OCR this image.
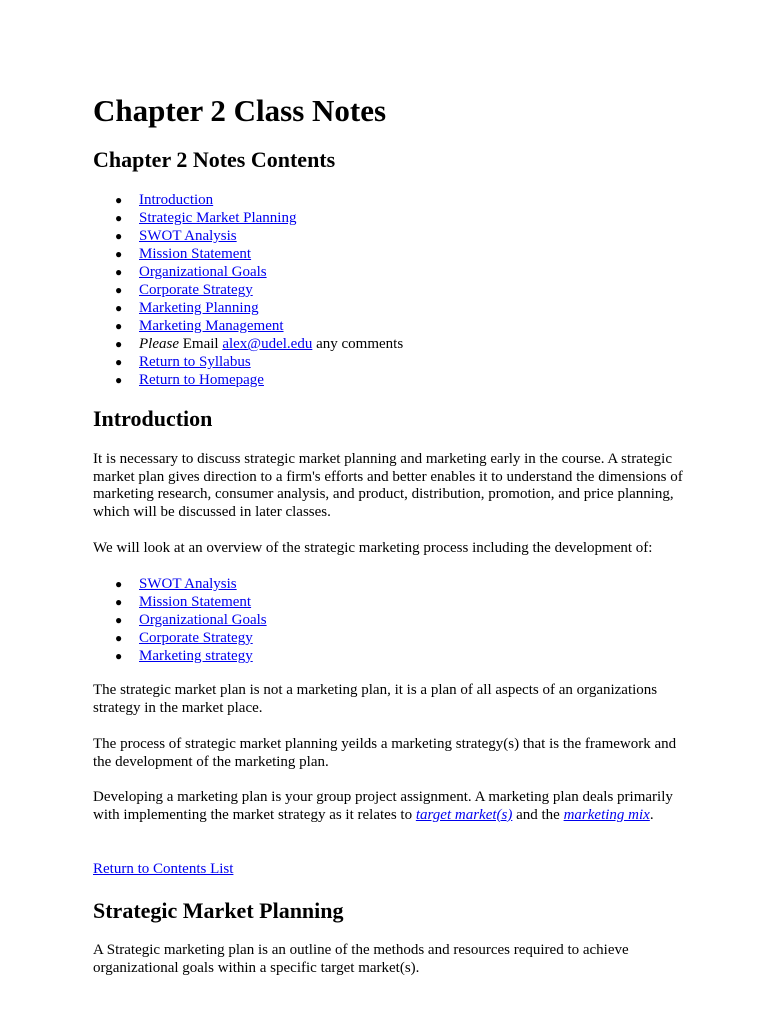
Chapter 2 Class Notes
Chapter 2 Notes Contents
● Introduction
● Strategic Market Planning
● SWOT Analysis
● Mission Statement
● Organizational Goals
● Corporate Strategy
● Marketing Planning
● Marketing Management
● Please Email alex@udel.edu any comments
● Return to Syllabus
● Return to Homepage
Introduction

It is necessary to discuss strategic market planning and marketing early in the course. A strategic market plan gives direction to a firm's efforts and better enables it to understand the dimensions of marketing research, consumer analysis, and product, distribution, promotion, and price planning, which will be discussed in later classes.

We will look at an overview of the strategic marketing process including the development of:

● SWOT Analysis
● Mission Statement
● Organizational Goals
● Corporate Strategy
● Marketing strategy

The strategic market plan is not a marketing plan, it is a plan of all aspects of an organizations strategy in the market place.

The process of strategic market planning yeilds a marketing strategy(s) that is the framework and the development of the marketing plan.

Developing a marketing plan is your group project assignment. A marketing plan deals primarily with implementing the market strategy as it relates to target market(s) and the marketing mix.

Return to Contents List

Strategic Market Planning

A Strategic marketing plan is an outline of the methods and resources required to achieve organizational goals within a specific target market(s).
